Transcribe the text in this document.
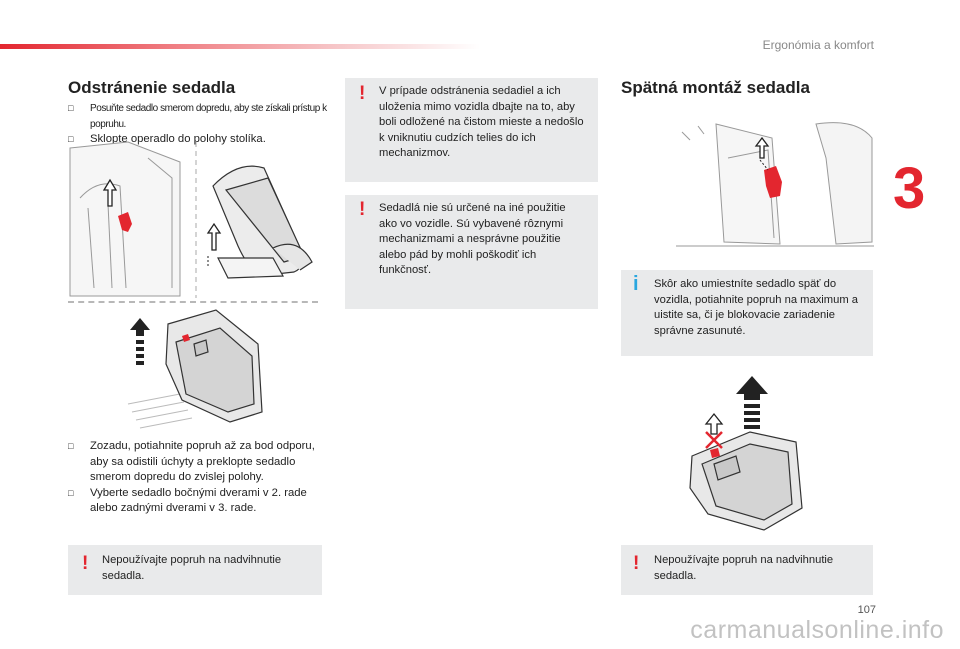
Ergonómia a komfort
3
Odstránenie sedadla
□ Posuňte sedadlo smerom dopredu, aby ste získali prístup k popruhu.
□ Sklopte operadlo do polohy stolíka.
□ Zozadu, potiahnite popruh až za bod odporu, aby sa odistili úchyty a preklopte sedadlo smerom dopredu do zvislej polohy.
□ Vyberte sedadlo bočnými dverami v 2. rade alebo zadnými dverami v 3. rade.
! Nepoužívajte popruh na nadvihnutie sedadla.
! V prípade odstránenia sedadiel a ich uloženia mimo vozidla dbajte na to, aby boli odložené na čistom mieste a nedošlo k vniknutiu cudzích telies do ich mechanizmov.
! Sedadlá nie sú určené na iné použitie ako vo vozidle. Sú vybavené rôznymi mechanizmami a nesprávne použitie alebo pád by mohli poškodiť ich funkčnosť.
Spätná montáž sedadla
i Skôr ako umiestníte sedadlo späť do vozidla, potiahnite popruh na maximum a uistite sa, či je blokovacie zariadenie správne zasunuté.
! Nepoužívajte popruh na nadvihnutie sedadla.
107
carmanualsonline.info
